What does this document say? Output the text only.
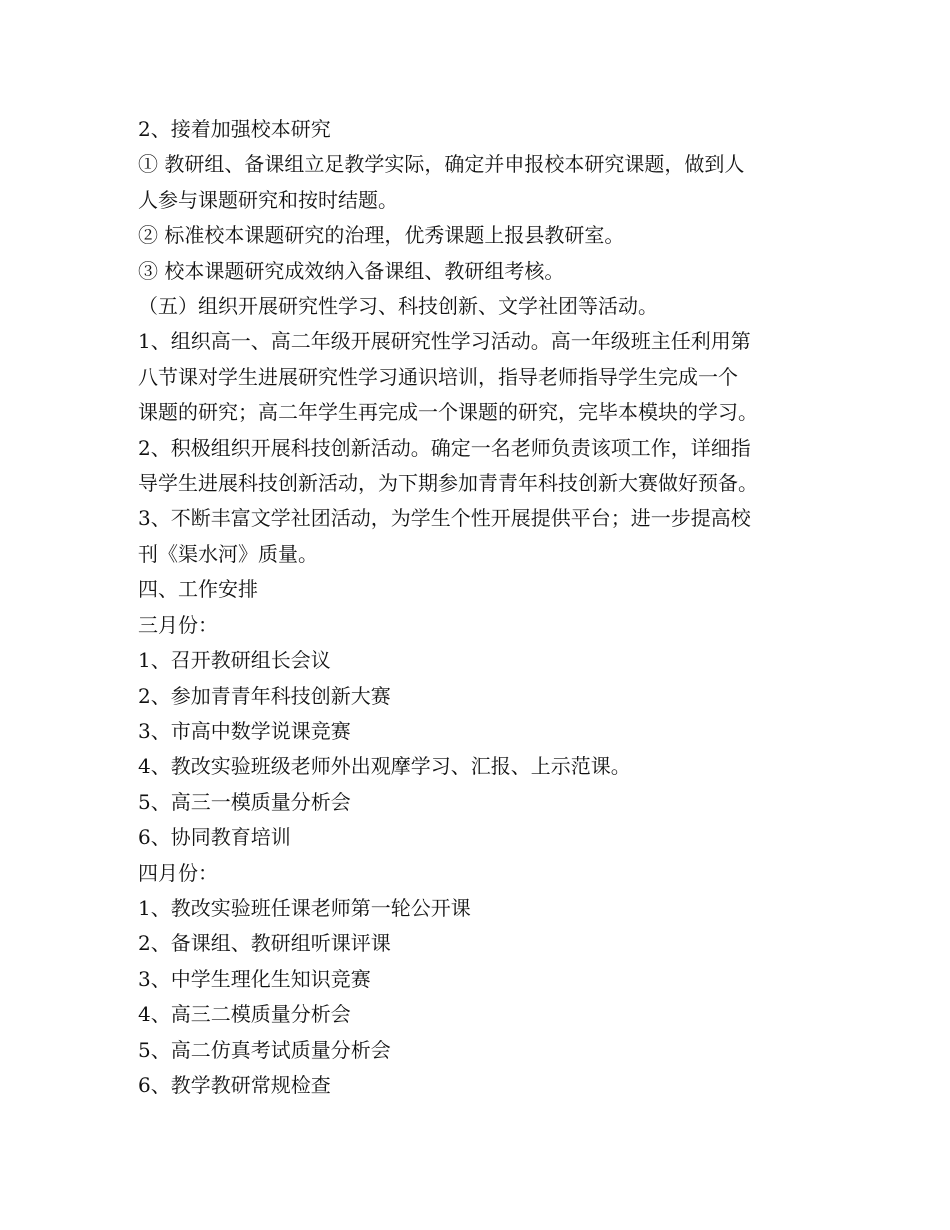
2、接着加强校本研究

① 教研组、备课组立足教学实际，确定并申报校本研究课题，做到人

人参与课题研究和按时结题。

② 标准校本课题研究的治理，优秀课题上报县教研室。

③ 校本课题研究成效纳入备课组、教研组考核。

（五）组织开展研究性学习、科技创新、文学社团等活动。

1、组织高一、高二年级开展研究性学习活动。高一年级班主任利用第

八节课对学生进展研究性学习通识培训，指导老师指导学生完成一个

课题的研究；高二年学生再完成一个课题的研究，完毕本模块的学习。

2、积极组织开展科技创新活动。确定一名老师负责该项工作，详细指

导学生进展科技创新活动，为下期参加青青年科技创新大赛做好预备。

3、不断丰富文学社团活动，为学生个性开展提供平台；进一步提高校

刊《渠水河》质量。

四、工作安排

三月份：

1、召开教研组长会议

2、参加青青年科技创新大赛

3、市高中数学说课竞赛

4、教改实验班级老师外出观摩学习、汇报、上示范课。

5、高三一模质量分析会

6、协同教育培训

四月份：

1、教改实验班任课老师第一轮公开课

2、备课组、教研组听课评课

3、中学生理化生知识竞赛

4、高三二模质量分析会

5、高二仿真考试质量分析会

6、教学教研常规检查
